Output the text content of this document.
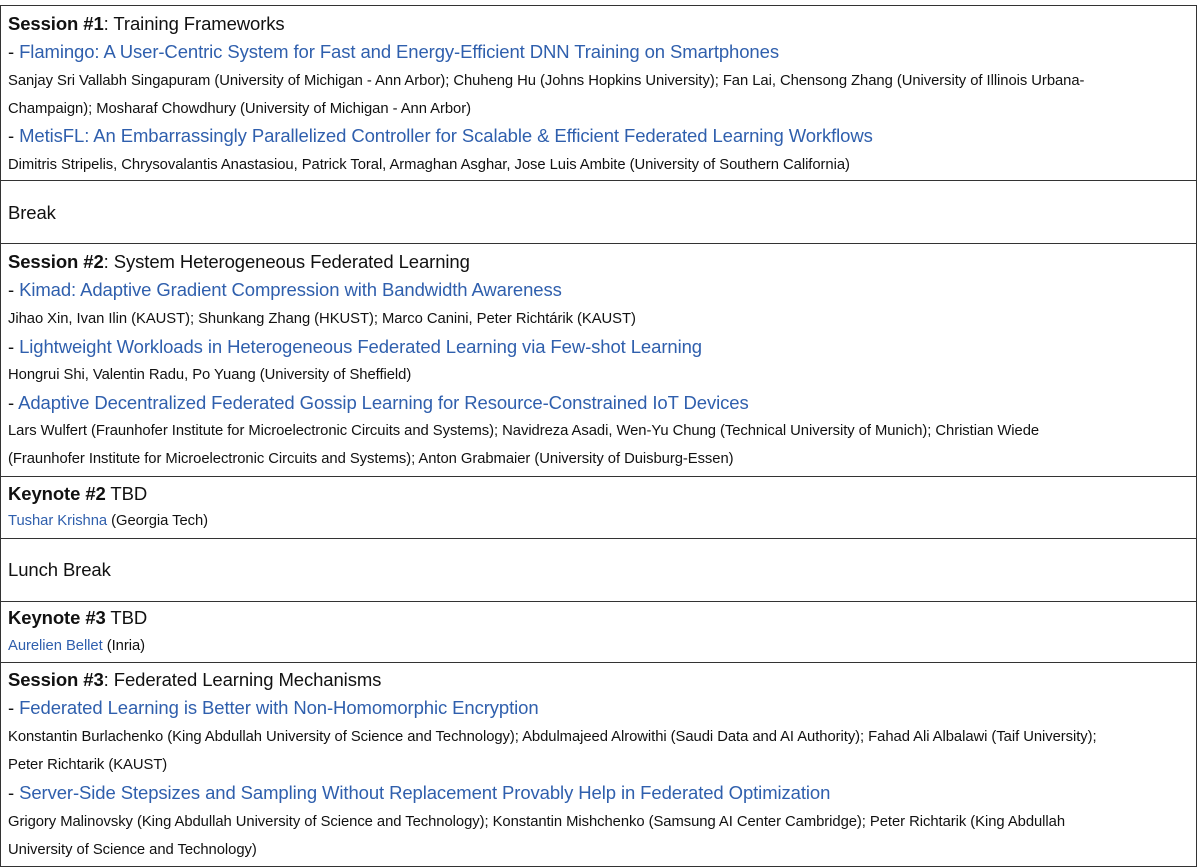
Session #1: Training Frameworks
- Flamingo: A User-Centric System for Fast and Energy-Efficient DNN Training on Smartphones
Sanjay Sri Vallabh Singapuram (University of Michigan - Ann Arbor); Chuheng Hu (Johns Hopkins University); Fan Lai, Chensong Zhang (University of Illinois Urbana-
Champaign); Mosharaf Chowdhury (University of Michigan - Ann Arbor)
- MetisFL: An Embarrassingly Parallelized Controller for Scalable & Efficient Federated Learning Workflows
Dimitris Stripelis, Chrysovalantis Anastasiou, Patrick Toral, Armaghan Asghar, Jose Luis Ambite (University of Southern California)
Break
Session #2: System Heterogeneous Federated Learning
- Kimad: Adaptive Gradient Compression with Bandwidth Awareness
Jihao Xin, Ivan Ilin (KAUST); Shunkang Zhang (HKUST); Marco Canini, Peter Richtárik (KAUST)
- Lightweight Workloads in Heterogeneous Federated Learning via Few-shot Learning
Hongrui Shi, Valentin Radu, Po Yuang (University of Sheffield)
- Adaptive Decentralized Federated Gossip Learning for Resource-Constrained IoT Devices
Lars Wulfert (Fraunhofer Institute for Microelectronic Circuits and Systems); Navidreza Asadi, Wen-Yu Chung (Technical University of Munich); Christian Wiede
(Fraunhofer Institute for Microelectronic Circuits and Systems); Anton Grabmaier (University of Duisburg-Essen)
Keynote #2 TBD
Tushar Krishna (Georgia Tech)
Lunch Break
Keynote #3 TBD
Aurelien Bellet (Inria)
Session #3: Federated Learning Mechanisms
- Federated Learning is Better with Non-Homomorphic Encryption
Konstantin Burlachenko (King Abdullah University of Science and Technology); Abdulmajeed Alrowithi (Saudi Data and AI Authority); Fahad Ali Albalawi (Taif University);
Peter Richtarik (KAUST)
- Server-Side Stepsizes and Sampling Without Replacement Provably Help in Federated Optimization
Grigory Malinovsky (King Abdullah University of Science and Technology); Konstantin Mishchenko (Samsung AI Center Cambridge); Peter Richtarik (King Abdullah
University of Science and Technology)
